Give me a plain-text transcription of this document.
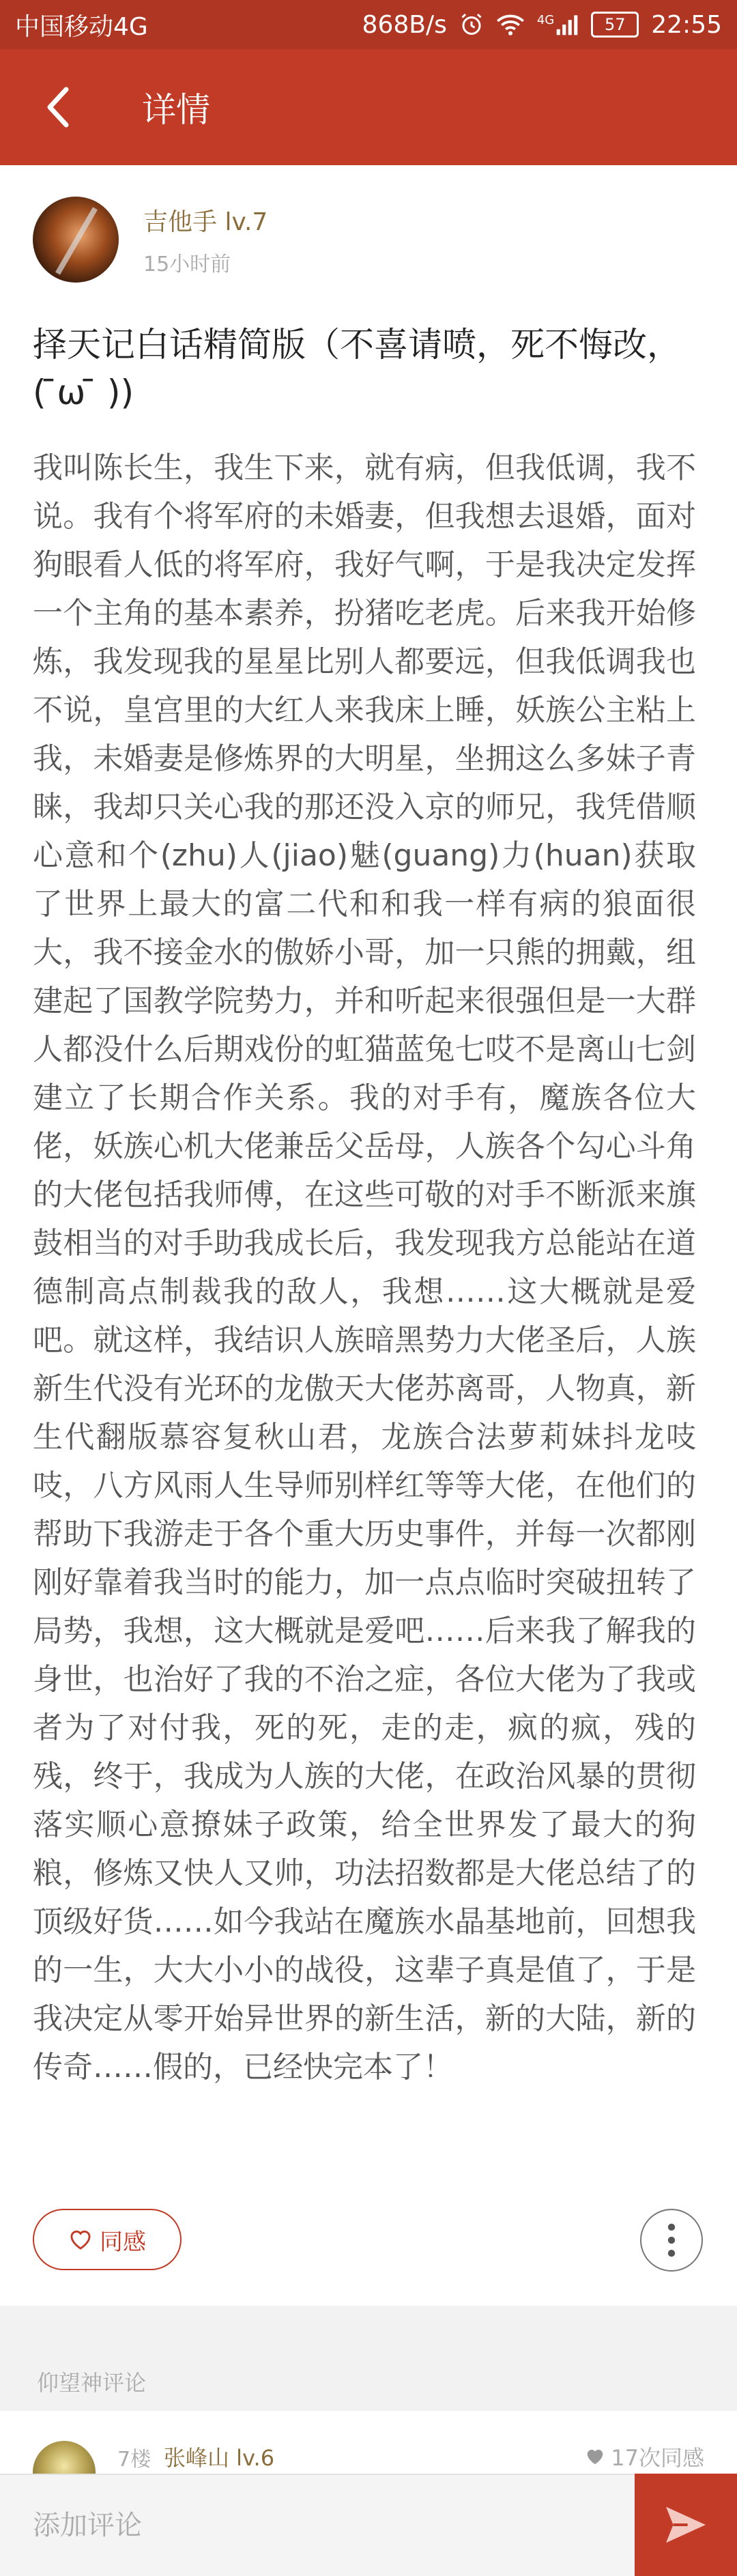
中国移动4G	868B/s	4G	57	22:55
详情
吉他手 lv.7
15小时前
择天记白话精简版（不喜请喷，死不悔改，( ̄ω ̄ ))

我叫陈长生，我生下来，就有病，但我低调，我不说。我有个将军府的未婚妻，但我想去退婚，面对狗眼看人低的将军府，我好气啊，于是我决定发挥一个主角的基本素养，扮猪吃老虎。后来我开始修炼，我发现我的星星比别人都要远，但我低调我也不说，皇宫里的大红人来我床上睡，妖族公主粘上我，未婚妻是修炼界的大明星，坐拥这么多妹子青睐，我却只关心我的那还没入京的师兄，我凭借顺心意和个(zhu)人(jiao)魅(guang)力(huan)获取了世界上最大的富二代和和我一样有病的狼面很大，我不接金水的傲娇小哥，加一只熊的拥戴，组建起了国教学院势力，并和听起来很强但是一大群人都没什么后期戏份的虹猫蓝兔七哎不是离山七剑建立了长期合作关系。我的对手有，魔族各位大佬，妖族心机大佬兼岳父岳母，人族各个勾心斗角的大佬包括我师傅，在这些可敬的对手不断派来旗鼓相当的对手助我成长后，我发现我方总能站在道德制高点制裁我的敌人，我想……这大概就是爱吧。就这样，我结识人族暗黑势力大佬圣后，人族新生代没有光环的龙傲天大佬苏离哥，人物真，新生代翻版慕容复秋山君，龙族合法萝莉妹抖龙吱吱，八方风雨人生导师别样红等等大佬，在他们的帮助下我游走于各个重大历史事件，并每一次都刚刚好靠着我当时的能力，加一点点临时突破扭转了局势，我想，这大概就是爱吧……后来我了解我的身世，也治好了我的不治之症，各位大佬为了我或者为了对付我，死的死，走的走，疯的疯，残的残，终于，我成为人族的大佬，在政治风暴的贯彻落实顺心意撩妹子政策，给全世界发了最大的狗粮，修炼又快人又帅，功法招数都是大佬总结了的顶级好货……如今我站在魔族水晶基地前，回想我的一生，大大小小的战役，这辈子真是值了，于是我决定从零开始异世界的新生活，新的大陆，新的传奇……假的，已经快完本了！

同感
仰望神评论
7楼 张峰山 lv.6	17次同感
添加评论
